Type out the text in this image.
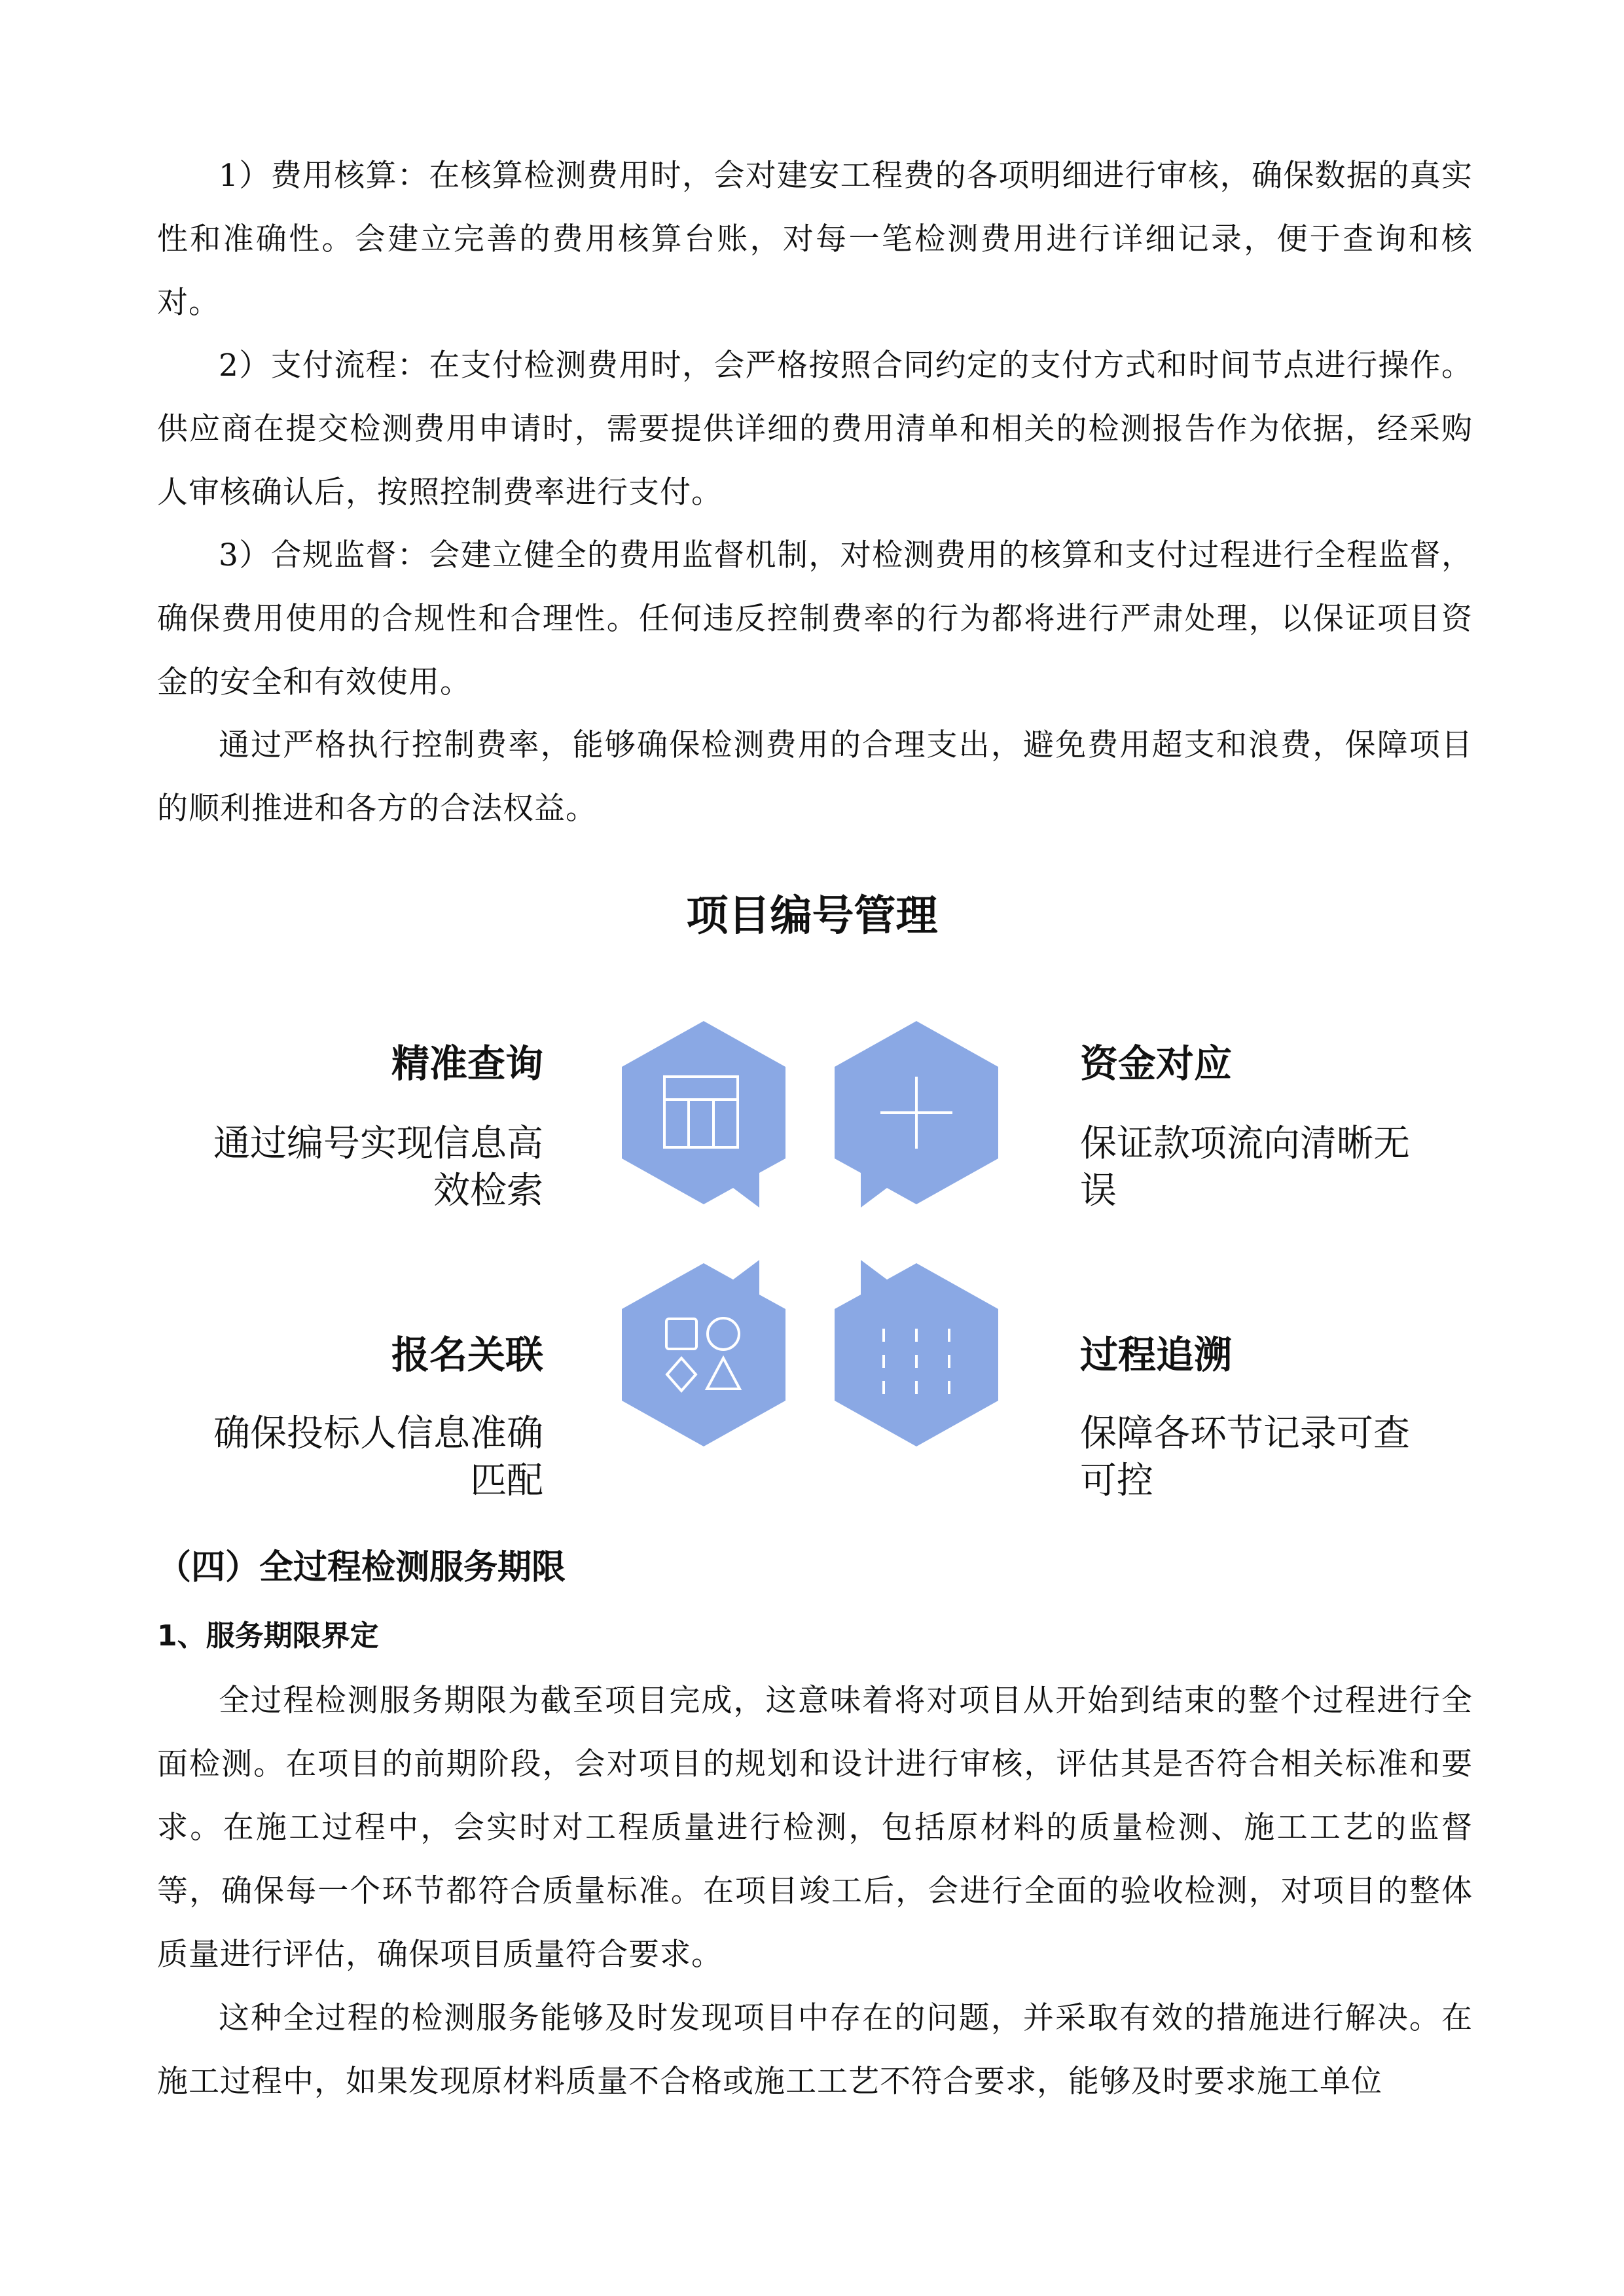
1）费用核算：在核算检测费用时，会对建安工程费的各项明细进行审核，确保数据的真实性和准确性。会建立完善的费用核算台账，对每一笔检测费用进行详细记录，便于查询和核对。

2）支付流程：在支付检测费用时，会严格按照合同约定的支付方式和时间节点进行操作。供应商在提交检测费用申请时，需要提供详细的费用清单和相关的检测报告作为依据，经采购人审核确认后，按照控制费率进行支付。

3）合规监督：会建立健全的费用监督机制，对检测费用的核算和支付过程进行全程监督，确保费用使用的合规性和合理性。任何违反控制费率的行为都将进行严肃处理，以保证项目资金的安全和有效使用。

通过严格执行控制费率，能够确保检测费用的合理支出，避免费用超支和浪费，保障项目的顺利推进和各方的合法权益。

项目编号管理
精准查询
通过编号实现信息高效检索
资金对应
保证款项流向清晰无误
报名关联
确保投标人信息准确匹配
过程追溯
保障各环节记录可查可控
（四）全过程检测服务期限
1、服务期限界定

全过程检测服务期限为截至项目完成，这意味着将对项目从开始到结束的整个过程进行全面检测。在项目的前期阶段，会对项目的规划和设计进行审核，评估其是否符合相关标准和要求。在施工过程中，会实时对工程质量进行检测，包括原材料的质量检测、施工工艺的监督等，确保每一个环节都符合质量标准。在项目竣工后，会进行全面的验收检测，对项目的整体质量进行评估，确保项目质量符合要求。

这种全过程的检测服务能够及时发现项目中存在的问题，并采取有效的措施进行解决。在施工过程中，如果发现原材料质量不合格或施工工艺不符合要求，能够及时要求施工单位
